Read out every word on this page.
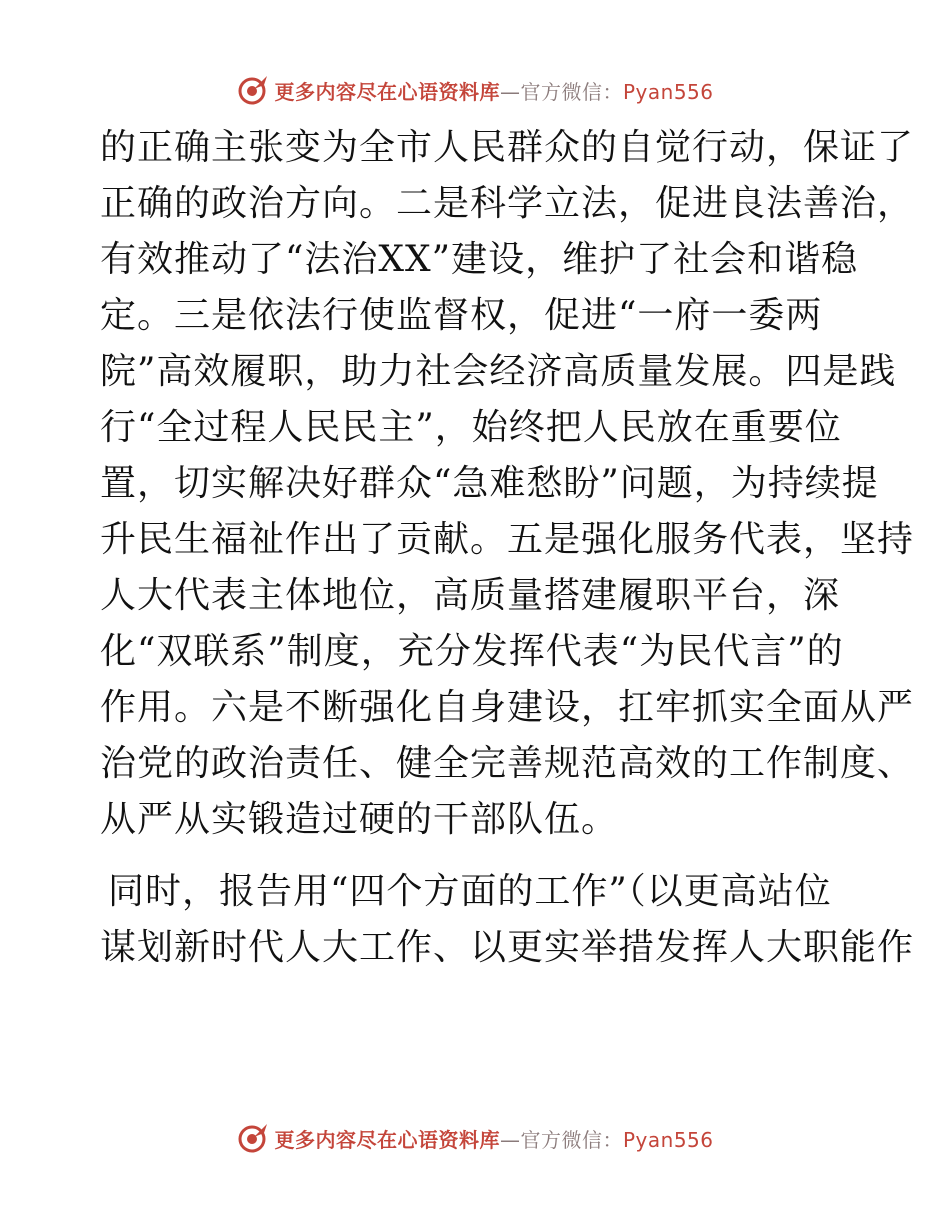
更多内容尽在心语资料库—官方微信：Pyan556
的正确主张变为全市人民群众的自觉行动，保证了
正确的政治方向。二是科学立法，促进良法善治，
有效推动了“法治XX”建设，维护了社会和谐稳
定。三是依法行使监督权，促进“一府一委两
院”高效履职，助力社会经济高质量发展。四是践
行“全过程人民民主”，始终把人民放在重要位
置，切实解决好群众“急难愁盼”问题，为持续提
升民生福祉作出了贡献。五是强化服务代表，坚持
人大代表主体地位，高质量搭建履职平台，深
化“双联系”制度，充分发挥代表“为民代言”的
作用。六是不断强化自身建设，扛牢抓实全面从严
治党的政治责任、健全完善规范高效的工作制度、
从严从实锻造过硬的干部队伍。
同时，报告用“四个方面的工作”（以更高站位
谋划新时代人大工作、以更实举措发挥人大职能作
更多内容尽在心语资料库—官方微信：Pyan556
